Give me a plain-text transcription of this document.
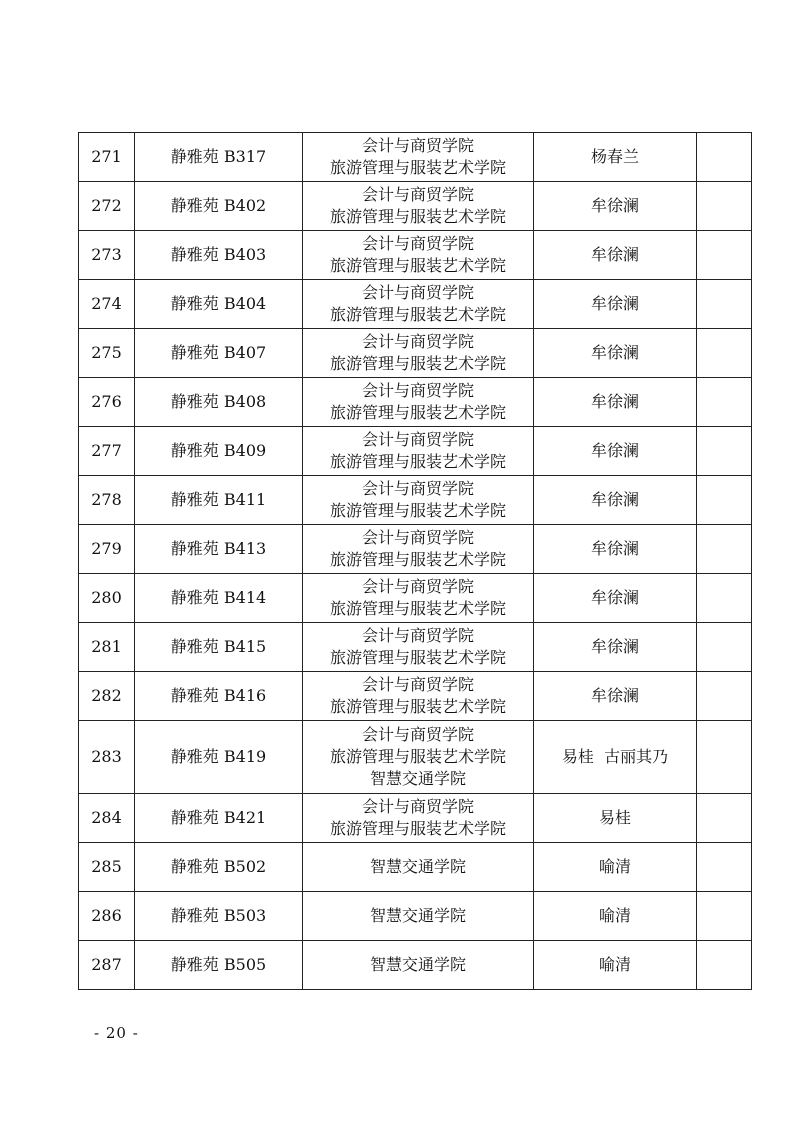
271	静雅苑 B317	会计与商贸学院
旅游管理与服装艺术学院	杨春兰	
272	静雅苑 B402	会计与商贸学院
旅游管理与服装艺术学院	牟徐澜	
273	静雅苑 B403	会计与商贸学院
旅游管理与服装艺术学院	牟徐澜	
274	静雅苑 B404	会计与商贸学院
旅游管理与服装艺术学院	牟徐澜	
275	静雅苑 B407	会计与商贸学院
旅游管理与服装艺术学院	牟徐澜	
276	静雅苑 B408	会计与商贸学院
旅游管理与服装艺术学院	牟徐澜	
277	静雅苑 B409	会计与商贸学院
旅游管理与服装艺术学院	牟徐澜	
278	静雅苑 B411	会计与商贸学院
旅游管理与服装艺术学院	牟徐澜	
279	静雅苑 B413	会计与商贸学院
旅游管理与服装艺术学院	牟徐澜	
280	静雅苑 B414	会计与商贸学院
旅游管理与服装艺术学院	牟徐澜	
281	静雅苑 B415	会计与商贸学院
旅游管理与服装艺术学院	牟徐澜	
282	静雅苑 B416	会计与商贸学院
旅游管理与服装艺术学院	牟徐澜	
283	静雅苑 B419	会计与商贸学院
旅游管理与服装艺术学院
智慧交通学院	易桂  古丽其乃	
284	静雅苑 B421	会计与商贸学院
旅游管理与服装艺术学院	易桂	
285	静雅苑 B502	智慧交通学院	喻清	
286	静雅苑 B503	智慧交通学院	喻清	
287	静雅苑 B505	智慧交通学院	喻清	
- 20 -
